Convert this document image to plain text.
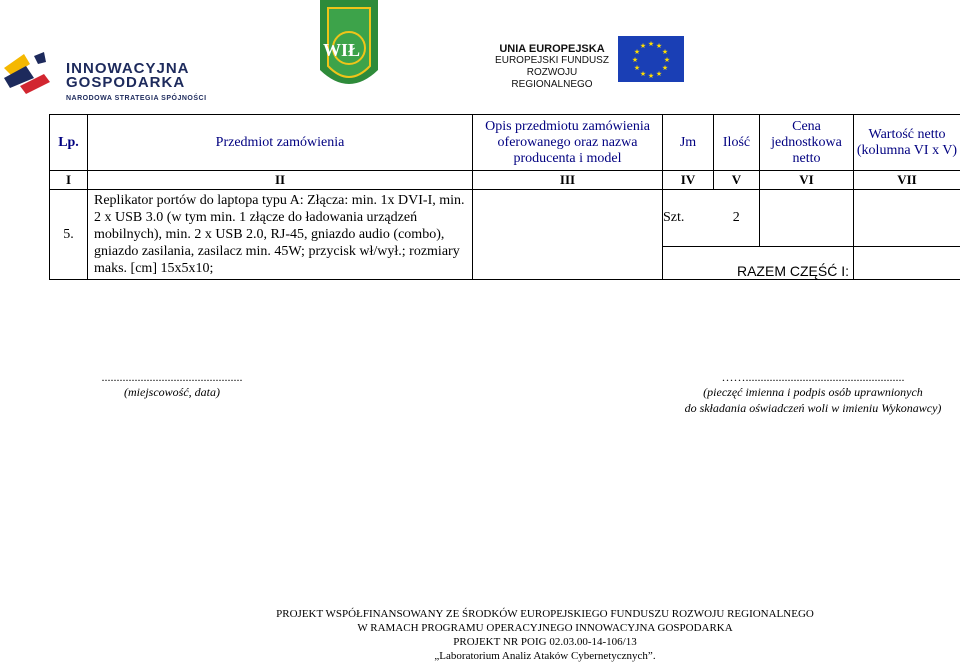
INNOWACYJNA
GOSPODARKA
NARODOWA STRATEGIA SPÓJNOŚCI
WIŁ	UNIA EUROPEJSKA
EUROPEJSKI FUNDUSZ
ROZWOJU REGIONALNEGO
★ ★
★
★
★
★
★
★
★
★
★
★
Lp.	Przedmiot zamówienia	Opis przedmiotu zamówienia oferowanego oraz nazwa producenta i model	Jm	Ilość	Cena jednostkowa netto	Wartość netto (kolumna VI x V)
I	II	III	IV	V	VI	VII
5.	Replikator portów do laptopa typu A: Złącza: min. 1x DVI-I, min. 2 x USB 3.0 (w tym min. 1 złącze do ładowania urządzeń mobilnych), min. 2 x USB 2.0, RJ-45, gniazdo audio (combo), gniazdo zasilania, zasilacz min. 45W; przycisk wł/wył.; rozmiary maks. [cm] 15x5x10;		Szt.	2		
			RAZEM CZĘŚĆ I:			
...............................................
(miejscowość, data)
…….....................................................
(pieczęć imienna i podpis osób uprawnionych
do składania oświadczeń woli w imieniu Wykonawcy)
PROJEKT WSPÓŁFINANSOWANY ZE ŚRODKÓW EUROPEJSKIEGO FUNDUSZU ROZWOJU REGIONALNEGO
W RAMACH PROGRAMU OPERACYJNEGO INNOWACYJNA GOSPODARKA
PROJEKT NR POIG 02.03.00-14-106/13
„Laboratorium Analiz Ataków Cybernetycznych”.
